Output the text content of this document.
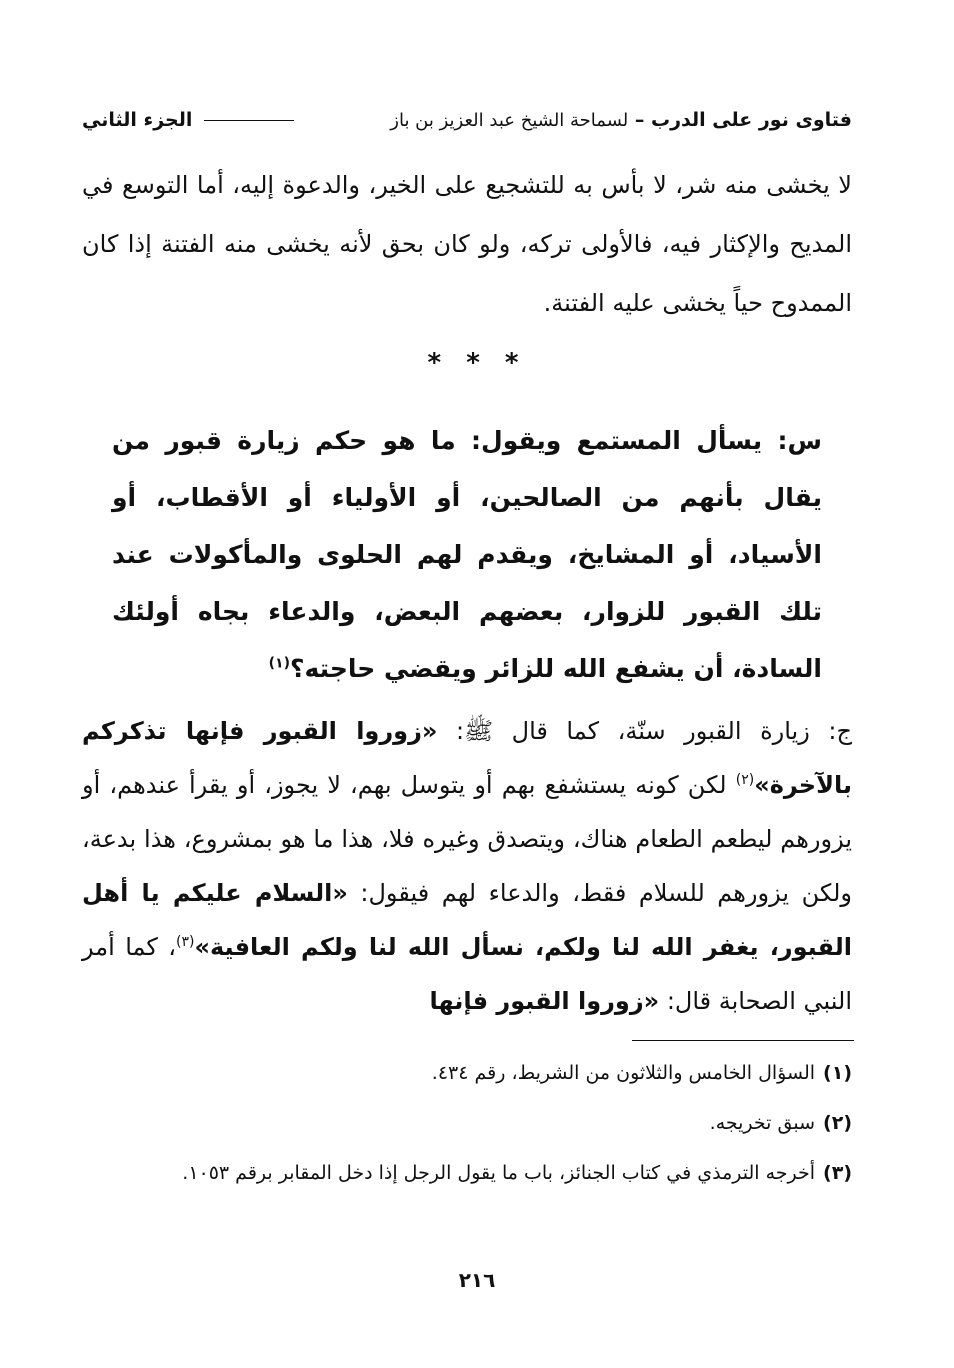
فتاوى نور على الدرب – لسماحة الشيخ عبد العزيز بن باز
الجزء الثاني
لا يخشى منه شر، لا بأس به للتشجيع على الخير، والدعوة إليه، أما التوسع في المديح والإكثار فيه، فالأولى تركه، ولو كان بحق لأنه يخشى منه الفتنة إذا كان الممدوح حياً يخشى عليه الفتنة.
* * *
س: يسأل المستمع ويقول: ما هو حكم زيارة قبور من يقال بأنهم من الصالحين، أو الأولياء أو الأقطاب، أو الأسياد، أو المشايخ، ويقدم لهم الحلوى والمأكولات عند تلك القبور للزوار، بعضهم البعض، والدعاء بجاه أولئك السادة، أن يشفع الله للزائر ويقضي حاجته؟$^{(١)}$
ج: زيارة القبور سنّة، كما قال ﷺ: «زوروا القبور فإنها تذكركم بالآخرة»$^{(٢)}$ لكن كونه يستشفع بهم أو يتوسل بهم، لا يجوز، أو يقرأ عندهم، أو يزورهم ليطعم الطعام هناك، ويتصدق وغيره فلا، هذا ما هو بمشروع، هذا بدعة، ولكن يزورهم للسلام فقط، والدعاء لهم فيقول: «السلام عليكم يا أهل القبور، يغفر الله لنا ولكم، نسأل الله لنا ولكم العافية»$^{(٣)}$، كما أمر النبي الصحابة قال: «زوروا القبور فإنها
(١)السؤال الخامس والثلاثون من الشريط، رقم ٤٣٤.
(٢)سبق تخريجه.
(٣)أخرجه الترمذي في كتاب الجنائز، باب ما يقول الرجل إذا دخل المقابر برقم ١٠٥٣.
٢١٦
